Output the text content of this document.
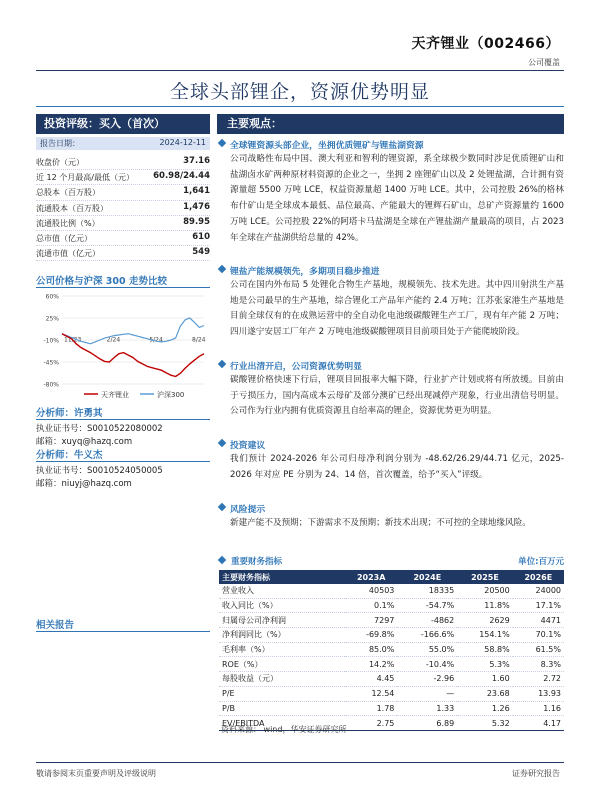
天齐锂业（002466）
公司覆盖
全球头部锂企，资源优势明显
投资评级：买入（首次）
报告日期：	2024-12-11
收盘价（元）	37.16
近 12 个月最高/最低（元） 60.98/24.44
总股本（百万股）	1,641
流通股本（百万股）	1,476
流通股比例（%）	89.95
总市值（亿元）	610
流通市值（亿元）	549
公司价格与沪深 300 走势比较
60%
25%
-10%
-45%
-80%
11/23	2/24	5/24	8/24
天齐锂业	沪深300
分析师：许勇其
执业证书号：S0010522080002
邮箱：xuyq@hazq.com
分析师：牛义杰
执业证书号：S0010524050005
邮箱：niuyj@hazq.com
相关报告
主要观点：
全球锂资源头部企业，坐拥优质锂矿与锂盐湖资源
公司战略性布局中国、澳大利亚和智利的锂资源，系全球极少数同时涉足优质锂矿山和盐湖卤水矿两种原材料资源的企业之一，坐拥 2 座锂矿山以及 2 处锂盐湖，合计拥有资源量超 5500 万吨 LCE，权益资源量超 1400 万吨 LCE。其中，公司控股 26%的格林布什矿山是全球成本最低、品位最高、产能最大的锂辉石矿山，总矿产资源量约 1600 万吨 LCE。公司控股 22%的阿塔卡马盐湖是全球在产锂盐湖产量最高的项目，占 2023 年全球在产盐湖供给总量的 42%。
锂盐产能规模领先，多期项目稳步推进
公司在国内外布局 5 处锂化合物生产基地，规模领先、技术先进。其中四川射洪生产基地是公司最早的生产基地，综合锂化工产品年产能约 2.4 万吨；江苏张家港生产基地是目前全球仅有的在成熟运营中的全自动化电池级碳酸锂生产工厂，现有年产能 2 万吨；四川遂宁安居工厂年产 2 万吨电池级碳酸锂项目目前项目处于产能爬坡阶段。
行业出清开启，公司资源优势明显
碳酸锂价格快速下行后，锂项目回报率大幅下降，行业扩产计划或将有所放缓。目前由于亏损压力，国内高成本云母矿及部分澳矿已经出现减停产现象，行业出清信号明显。公司作为行业内拥有优质资源且自给率高的锂企，资源优势更为明显。
投资建议
我们预计 2024-2026 年公司归母净利润分别为 -48.62/26.29/44.71 亿元，2025-2026 年对应 PE 分别为 24、14 倍，首次覆盖，给予“买入”评级。
风险提示
新建产能不及预期；下游需求不及预期；新技术出现；不可控的全球地缘风险。
重要财务指标	单位:百万元
主要财务指标	2023A	2024E	2025E	2026E
营业收入	40503	18335	20500	24000
收入同比（%）	0.1%	-54.7%	11.8%	17.1%
归属母公司净利润	7297	-4862	2629	4471
净利润同比（%）	-69.8%	-166.6%	154.1%	70.1%
毛利率（%）	85.0%	55.0%	58.8%	61.5%
ROE（%）	14.2%	-10.4%	5.3%	8.3%
每股收益（元）	4.45	-2.96	1.60	2.72
P/E	12.54	—	23.68	13.93
P/B	1.78	1.33	1.26	1.16
EV/EBITDA	2.75	6.89	5.32	4.17
资料来源： wind，华安证券研究所
敬请参阅末页重要声明及评级说明	证券研究报告
